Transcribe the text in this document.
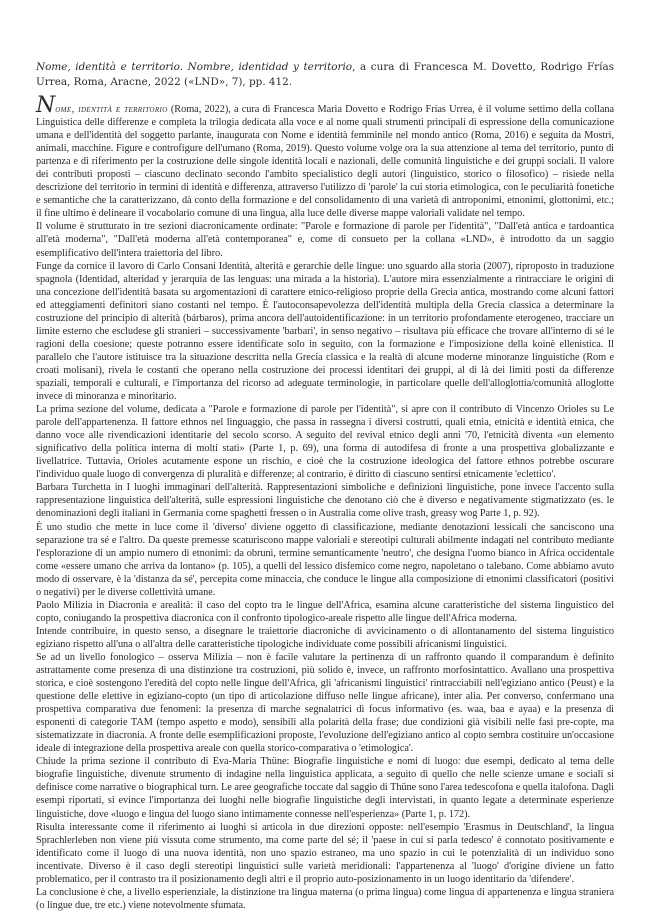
Nome, identità e territorio. Nombre, identidad y territorio, a cura di Francesca M. Dovetto, Rodrigo Frías Urrea, Roma, Aracne, 2022 («LND», 7), pp. 412.

Nome, identità e territorio (Roma, 2022), a cura di Francesca Maria Dovetto e Rodrigo Frías Urrea, è il volume settimo della collana Linguistica delle differenze e completa la trilogia dedicata alla voce e al nome quali strumenti principali di espressione della comunicazione umana e dell'identità del soggetto parlante, inaugurata con Nome e identità femminile nel mondo antico (Roma, 2016) e seguita da Mostri, animali, macchine. Figure e controfigure dell'umano (Roma, 2019). Questo volume volge ora la sua attenzione al tema del territorio, punto di partenza e di riferimento per la costruzione delle singole identità locali e nazionali, delle comunità linguistiche e dei gruppi sociali. Il valore dei contributi proposti – ciascuno declinato secondo l'ambito specialistico degli autori (linguistico, storico o filosofico) – risiede nella descrizione del territorio in termini di identità e differenza, attraverso l'utilizzo di 'parole' la cui storia etimologica, con le peculiarità fonetiche e semantiche che la caratterizzano, dà conto della formazione e del consolidamento di una varietà di antroponimi, etnonimi, glottonimi, etc.; il fine ultimo è delineare il vocabolario comune di una lingua, alla luce delle diverse mappe valoriali validate nel tempo.

Il volume è strutturato in tre sezioni diacronicamente ordinate: "Parole e formazione di parole per l'identità", "Dall'età antica e tardoantica all'età moderna", "Dall'età moderna all'età contemporanea" e, come di consueto per la collana «LND», è introdotto da un saggio esemplificativo dell'intera traiettoria del libro.

Funge da cornice il lavoro di Carlo Consani Identità, alterità e gerarchie delle lingue: uno sguardo alla storia (2007), riproposto in traduzione spagnola (Identidad, alteridad y jerarquía de las lenguas: una mirada a la historia). L'autore mira essenzialmente a rintracciare le origini di una concezione dell'identità basata su argomentazioni di carattere etnico-religioso proprie della Grecia antica, mostrando come alcuni fattori ed atteggiamenti definitori siano costanti nel tempo. È l'autoconsapevolezza dell'identità multipla della Grecia classica a determinare la costruzione del principio di alterità (bárbaros), prima ancora dell'autoidentificazione: in un territorio profondamente eterogeneo, tracciare un limite esterno che escludese gli stranieri – successivamente 'barbari', in senso negativo – risultava più efficace che trovare all'interno di sé le ragioni della coesione; queste potranno essere identificate solo in seguito, con la formazione e l'imposizione della koinè ellenistica. Il parallelo che l'autore istituisce tra la situazione descritta nella Grecia classica e la realtà di alcune moderne minoranze linguistiche (Rom e croati molisani), rivela le costanti che operano nella costruzione dei processi identitari dei gruppi, al di là dei limiti posti da differenze spaziali, temporali e culturali, e l'importanza del ricorso ad adeguate terminologie, in particolare quelle dell'alloglottia/comunità alloglotte invece di minoranza e minoritario.

La prima sezione del volume, dedicata a "Parole e formazione di parole per l'identità", si apre con il contributo di Vincenzo Orioles su Le parole dell'appartenenza. Il fattore ethnos nel linguaggio, che passa in rassegna i diversi costrutti, quali etnia, etnicità e identità etnica, che danno voce alle rivendicazioni identitarie del secolo scorso. A seguito del revival etnico degli anni '70, l'etnicità diventa «un elemento significativo della politica interna di molti stati» (Parte 1, p. 69), una forma di autodifesa di fronte a una prospettiva globalizzante e livellatrice. Tuttavia, Orioles acutamente espone un rischio, e cioè che la costruzione ideologica del fattore ethnos potrebbe oscurare l'individuo quale luogo di convergenza di pluralità e differenze; al contrario, è diritto di ciascuno sentirsi etnicamente 'eclettico'.

Barbara Turchetta in I luoghi immaginari dell'alterità. Rappresentazioni simboliche e definizioni linguistiche, pone invece l'accento sulla rappresentazione linguistica dell'alterità, sulle espressioni linguistiche che denotano ciò che è diverso e negativamente stigmatizzato (es. le denominazioni degli italiani in Germania come spaghetti fressen o in Australia come olive trash, greasy wog Parte 1, p. 92).

È uno studio che mette in luce come il 'diverso' diviene oggetto di classificazione, mediante denotazioni lessicali che sanciscono una separazione tra sé e l'altro. Da queste premesse scaturiscono mappe valoriali e stereotipi culturali abilmente indagati nel contributo mediante l'esplorazione di un ampio numero di etnonimi: da obruni, termine semanticamente 'neutro', che designa l'uomo bianco in Africa occidentale come «essere umano che arriva da lontano» (p. 105), a quelli del lessico disfemico come negro, napoletano o talebano. Come abbiamo avuto modo di osservare, è la 'distanza da sé', percepita come minaccia, che conduce le lingue alla composizione di etnonimi classificatori (positivi o negativi) per le diverse collettività umane.

Paolo Milizia in Diacronia e arealità: il caso del copto tra le lingue dell'Africa, esamina alcune caratteristiche del sistema linguistico del copto, coniugando la prospettiva diacronica con il confronto tipologico-areale rispetto alle lingue dell'Africa moderna.

Intende contribuire, in questo senso, a disegnare le traiettorie diacroniche di avvicinamento o di allontanamento del sistema linguistico egiziano rispetto all'una o all'altra delle caratteristiche tipologiche individuate come possibili africanismi linguistici.

Se ad un livello fonologico – osserva Milizia – non è facile valutare la pertinenza di un raffronto quando il comparandum è definito astrattamente come presenza di una distinzione tra costruzioni, più solido è, invece, un raffronto morfosintattico. Avallano una prospettiva storica, e cioè sostengono l'eredità del copto nelle lingue dell'Africa, gli 'africanismi linguistici' rintracciabili nell'egiziano antico (Peust) e la questione delle elettive in egiziano-copto (un tipo di articolazione diffuso nelle lingue africane), inter alia. Per converso, confermano una prospettiva comparativa due fenomeni: la presenza di marche segnalatrici di focus informativo (es. waa, baa e ayaa) e la presenza di esponenti di categorie TAM (tempo aspetto e modo), sensibili alla polarità della frase; due condizioni già visibili nelle fasi pre-copte, ma sistematizzate in diacronia. A fronte delle esemplificazioni proposte, l'evoluzione dell'egiziano antico al copto sembra costituire un'occasione ideale di integrazione della prospettiva areale con quella storico-comparativa o 'etimologica'.

Chiude la prima sezione il contributo di Eva-Maria Thüne: Biografie linguistiche e nomi di luogo: due esempi, dedicato al tema delle biografie linguistiche, divenute strumento di indagine nella linguistica applicata, a seguito di quello che nelle scienze umane e sociali si definisce come narrative o biographical turn. Le aree geografiche toccate dal saggio di Thüne sono l'area tedescofona e quella italofona. Dagli esempi riportati, si evince l'importanza dei luoghi nelle biografie linguistiche degli intervistati, in quanto legate a determinate esperienze linguistiche, dove «luogo e lingua del luogo siano intimamente connesse nell'esperienza» (Parte 1, p. 172).

Risulta interessante come il riferimento ai luoghi si articola in due direzioni opposte: nell'esempio 'Erasmus in Deutschland', la lingua Sprachlerleben non viene più vissuta come strumento, ma come parte del sé; il 'paese in cui si parla tedesco' è connotato positivamente e identificato come il luogo di una nuova identità, non uno spazio estraneo, ma uno spazio in cui le potenzialità di un individuo sono incentivate. Diverso è il caso degli stereotipi linguistici sulle varietà meridionali: l'appartenenza al 'luogo' d'origine diviene un fatto problematico, per il contrasto tra il posizionamento degli altri e il proprio auto-posizionamento in un luogo identitario da 'difendere'.

La conclusione è che, a livello esperienziale, la distinzione tra lingua materna (o prima lingua) come lingua di appartenenza e lingua straniera (o lingue due, tre etc.) viene notevolmente sfumata.
